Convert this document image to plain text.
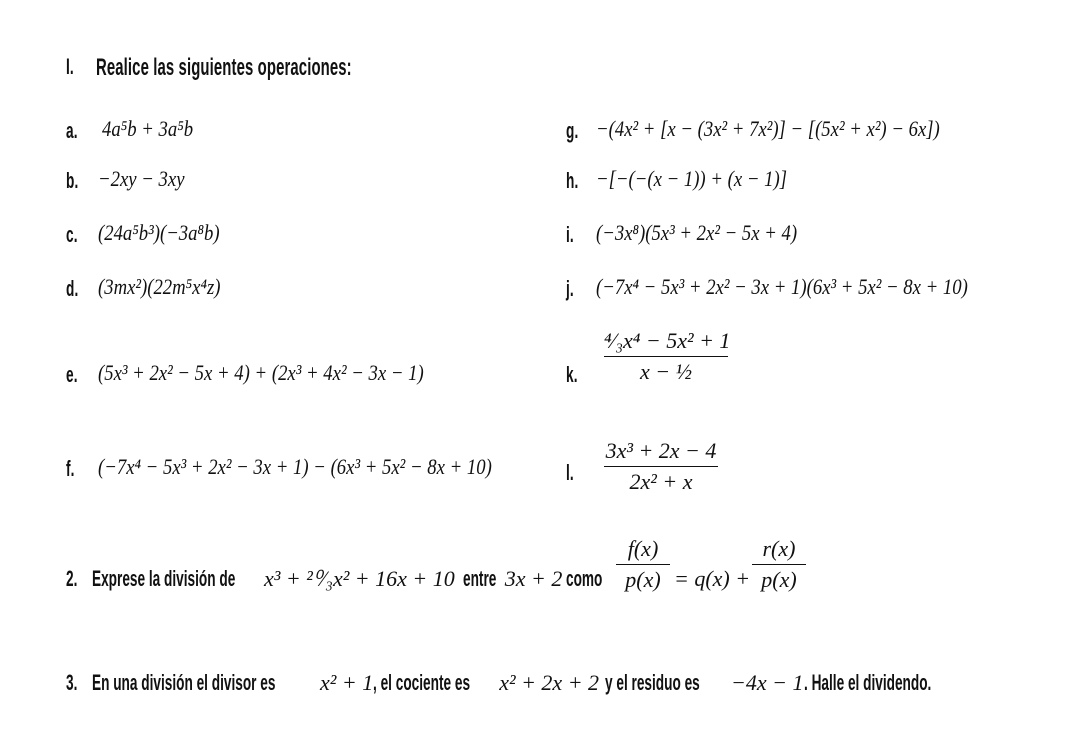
I. Realice las siguientes operaciones:
a. 4a⁵b + 3a⁵b
b. −2xy − 3xy
c. (24a⁵b³)(−3a⁸b)
d. (3mx²)(22m⁵x⁴z)
e. (5x³ + 2x² − 5x + 4) + (2x³ + 4x² − 3x − 1)
f. (−7x⁴ − 5x³ + 2x² − 3x + 1) − (6x³ + 5x² − 8x + 10)
g. −(4x² + [x − (3x² + 7x²)] − [(5x² + x²) − 6x])
h. −[−(−(x − 1)) + (x − 1)]
i. (−3x⁸)(5x³ + 2x² − 5x + 4)
j. (−7x⁴ − 5x³ + 2x² − 3x + 1)(6x³ + 5x² − 8x + 10)
k.
⁴⁄₃x⁴ − 5x² + 1
x − ½
l.
3x³ + 2x − 4
2x² + x
2. Exprese la división de x³ + ²⁰⁄₃x² + 16x + 10 entre 3x + 2 como
f(x)
p(x) = q(x) +
r(x)
p(x)
3. En una división el divisor es x² + 1, el cociente es x² + 2x + 2 y el residuo es −4x − 1. Halle el dividendo.
